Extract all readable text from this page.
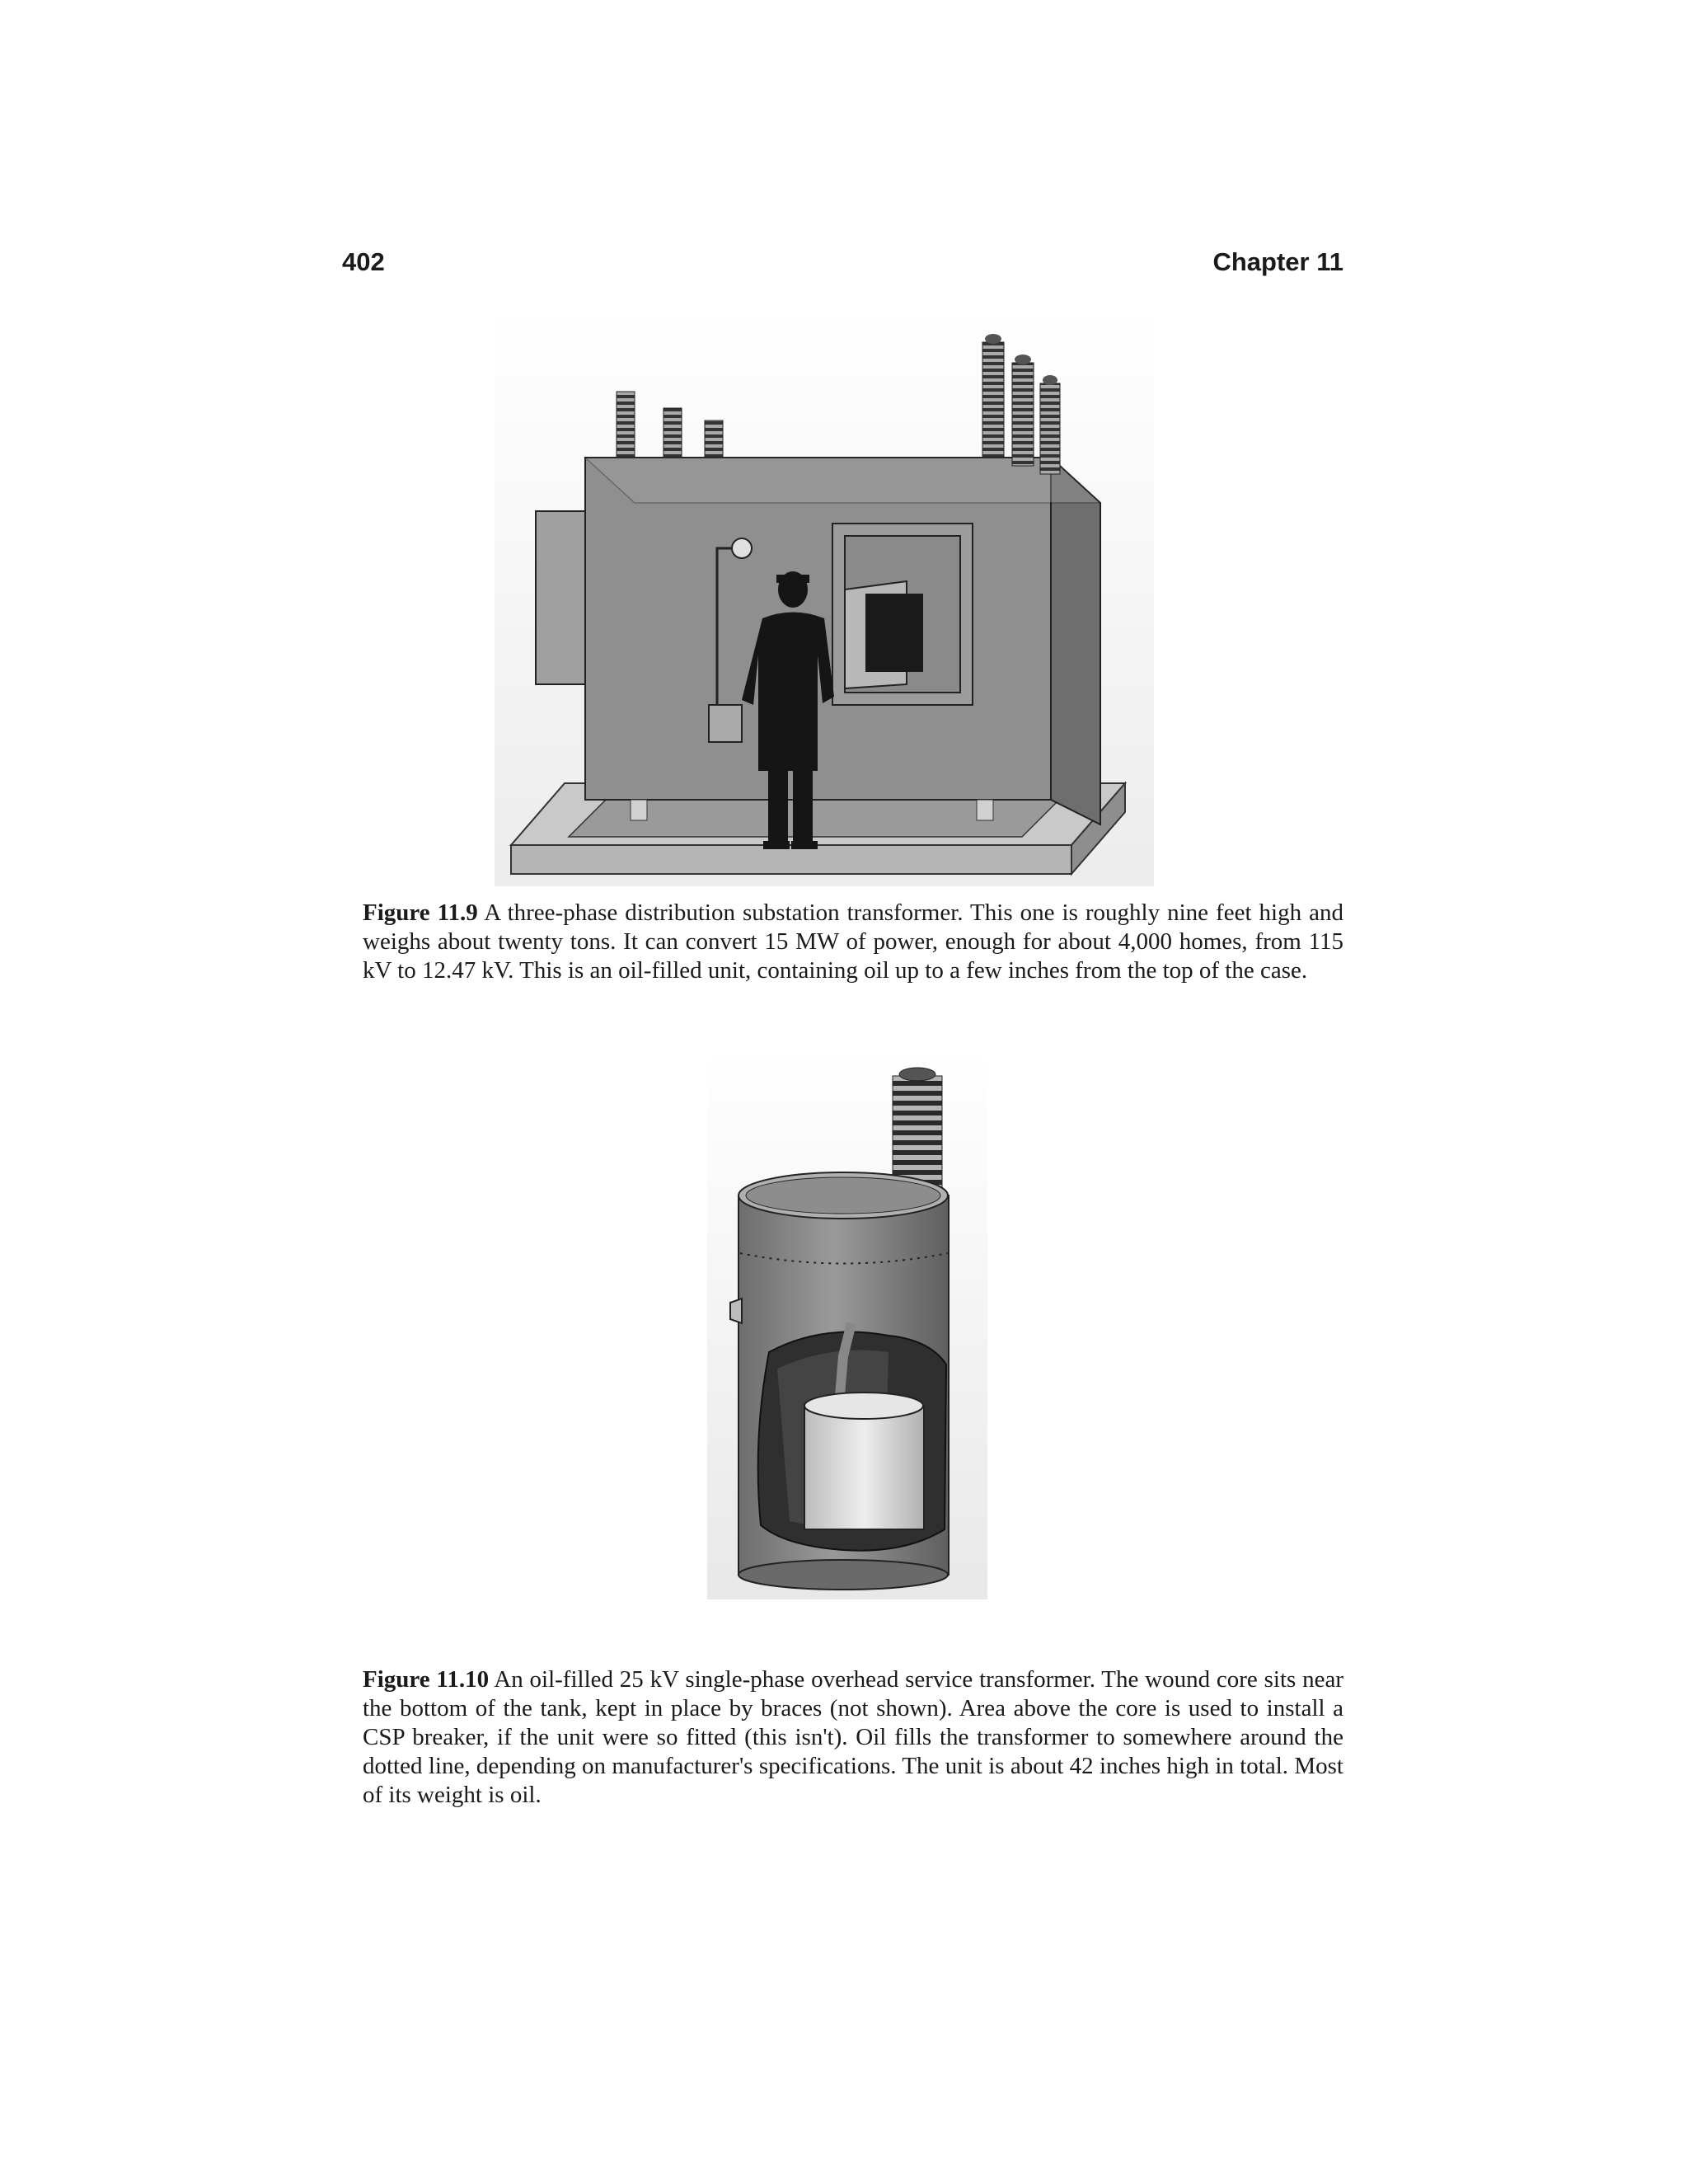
402	Chapter 11
Figure 11.9 A three-phase distribution substation transformer. This one is roughly nine feet high and weighs about twenty tons. It can convert 15 MW of power, enough for about 4,000 homes, from 115 kV to 12.47 kV. This is an oil-filled unit, containing oil up to a few inches from the top of the case.
Figure 11.10 An oil-filled 25 kV single-phase overhead service transformer. The wound core sits near the bottom of the tank, kept in place by braces (not shown). Area above the core is used to install a CSP breaker, if the unit were so fitted (this isn't). Oil fills the transformer to somewhere around the dotted line, depending on manufacturer's specifications. The unit is about 42 inches high in total. Most of its weight is oil.
